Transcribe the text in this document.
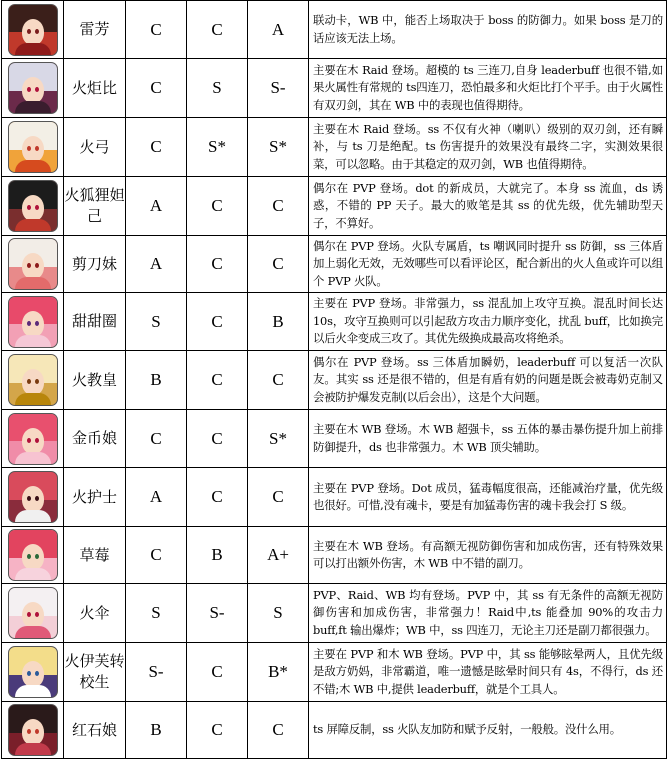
	雷芳	C	C	A	联动卡，WB 中，能否上场取决于 boss 的防御力。如果 boss 是刀的话应该无法上场。

	火炬比	C	S	S-	主要在木 Raid 登场。超模的 ts 三连刀,自身 leaderbuff 也很不错,如果火属性有常规的 ts四连刀，恐怕最多和火炬比打个平手。由于火属性有双刃剑，其在 WB 中的表现也值得期待。

	火弓	C	S*	S*	主要在木 Raid 登场。ss 不仅有火神（喇叭）级别的双刃剑，还有瞬补，与 ts 刀是绝配。ts 伤害提升的效果没有最终二字，实测效果很菜，可以忽略。由于其稳定的双刃剑，WB 也值得期待。

	火狐狸妲己	A	C	C	偶尔在 PVP 登场。dot 的新成员，大就完了。本身 ss 流血，ds 诱惑，不错的 PP 天子。最大的败笔是其 ss 的优先级，优先辅助型天子，不算好。

	剪刀妹	A	C	C	偶尔在 PVP 登场。火队专属盾，ts 嘲讽同时提升 ss 防御，ss 三体盾加上弱化无效，无效哪些可以看评论区，配合新出的火人鱼或许可以组个 PVP 火队。

	甜甜圈	S	C	B	主要在 PVP 登场。非常强力，ss 混乱加上攻守互换。混乱时间长达 10s，攻守互换则可以引起敌方攻击力顺序变化，扰乱 buff，比如换完以后火伞变成三攻了。其优先级换成最高攻将绝杀。

	火教皇	B	C	C	偶尔在 PVP 登场。ss 三体盾加瞬奶，leaderbuff 可以复活一次队友。其实 ss 还是很不错的，但是有盾有奶的问题是既会被毒奶克制又会被防护爆发克制(以后会出），这是个大问题。

	金币娘	C	C	S*	主要在木 WB 登场。木 WB 超强卡，ss 五体的暴击暴伤提升加上前排防御提升，ds 也非常强力。木 WB 顶尖辅助。

	火护士	A	C	C	主要在 PVP 登场。Dot 成员，猛毒幅度很高，还能减治疗量，优先级也很好。可惜,没有魂卡，要是有加猛毒伤害的魂卡我会打 S 级。

	草莓	C	B	A+	主要在木 WB 登场。有高额无视防御伤害和加成伤害，还有特殊效果可以打出额外伤害，木 WB 中不错的副刀。

	火伞	S	S-	S	PVP、Raid、WB 均有登场。PVP 中，其 ss 有无条件的高额无视防御伤害和加成伤害，非常强力！Raid中,ts 能叠加 90%的攻击力 buff,ft 输出爆炸；WB 中，ss 四连刀，无论主刀还是副刀都很强力。

	火伊芙转校生	S-	C	B*	主要在 PVP 和木 WB 登场。PVP 中，其 ss 能够眩晕两人，且优先级是敌方奶妈，非常霸道，唯一遗憾是眩晕时间只有 4s，不得行，ds 还不错;木 WB 中,提供 leaderbuff，就是个工具人。

	红石娘	B	C	C	ts 屏障反制，ss 火队友加防和赋予反射，一般般。没什么用。
